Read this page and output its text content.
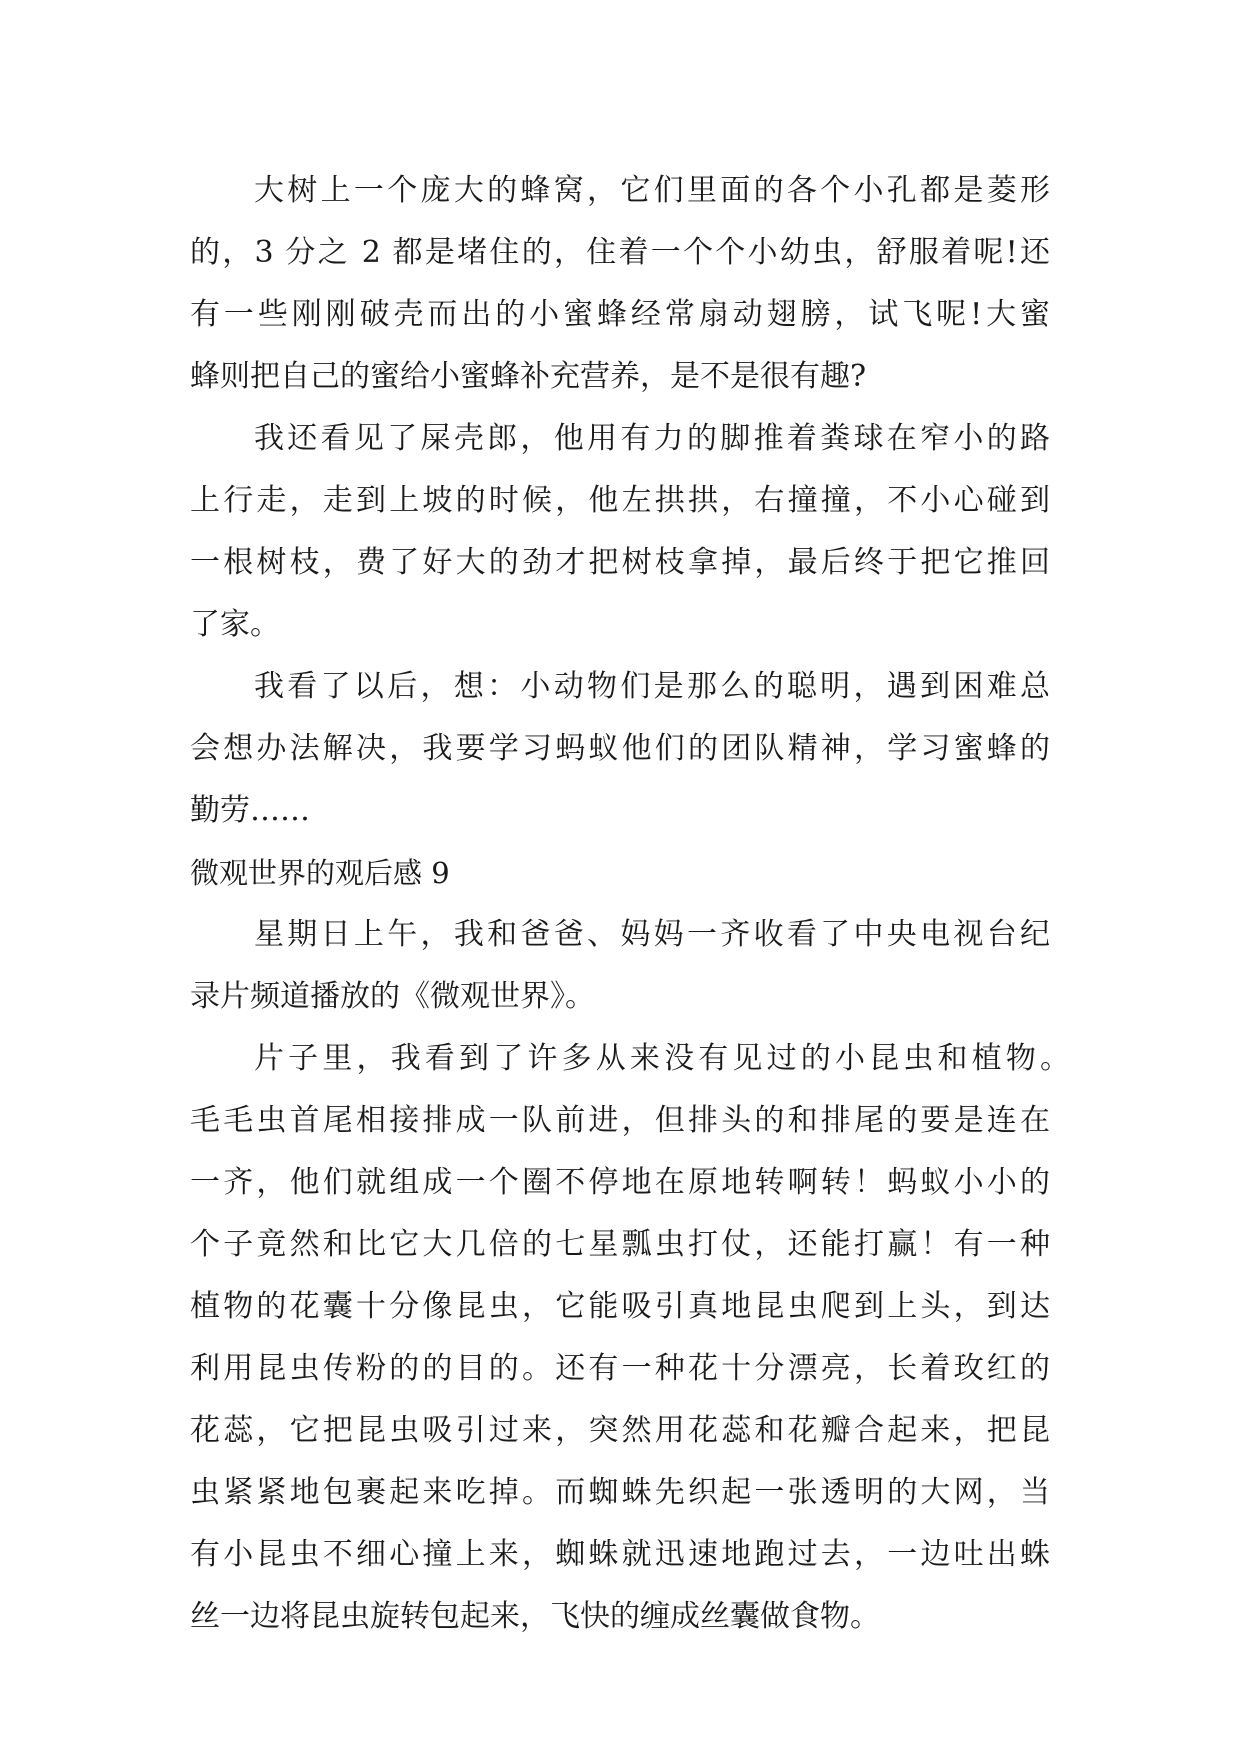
大树上一个庞大的蜂窝，它们里面的各个小孔都是菱形
的，3 分之 2 都是堵住的，住着一个个小幼虫，舒服着呢!还
有一些刚刚破壳而出的小蜜蜂经常扇动翅膀，试飞呢!大蜜
蜂则把自己的蜜给小蜜蜂补充营养，是不是很有趣?
我还看见了屎壳郎，他用有力的脚推着粪球在窄小的路
上行走，走到上坡的时候，他左拱拱，右撞撞，不小心碰到
一根树枝，费了好大的劲才把树枝拿掉，最后终于把它推回
了家。
我看了以后，想：小动物们是那么的聪明，遇到困难总
会想办法解决，我要学习蚂蚁他们的团队精神，学习蜜蜂的
勤劳……
微观世界的观后感 9
星期日上午，我和爸爸、妈妈一齐收看了中央电视台纪
录片频道播放的《微观世界》。
片子里，我看到了许多从来没有见过的小昆虫和植物。
毛毛虫首尾相接排成一队前进，但排头的和排尾的要是连在
一齐，他们就组成一个圈不停地在原地转啊转！蚂蚁小小的
个子竟然和比它大几倍的七星瓢虫打仗，还能打赢！有一种
植物的花囊十分像昆虫，它能吸引真地昆虫爬到上头，到达
利用昆虫传粉的的目的。还有一种花十分漂亮，长着玫红的
花蕊，它把昆虫吸引过来，突然用花蕊和花瓣合起来，把昆
虫紧紧地包裹起来吃掉。而蜘蛛先织起一张透明的大网，当
有小昆虫不细心撞上来，蜘蛛就迅速地跑过去，一边吐出蛛
丝一边将昆虫旋转包起来，飞快的缠成丝囊做食物。
